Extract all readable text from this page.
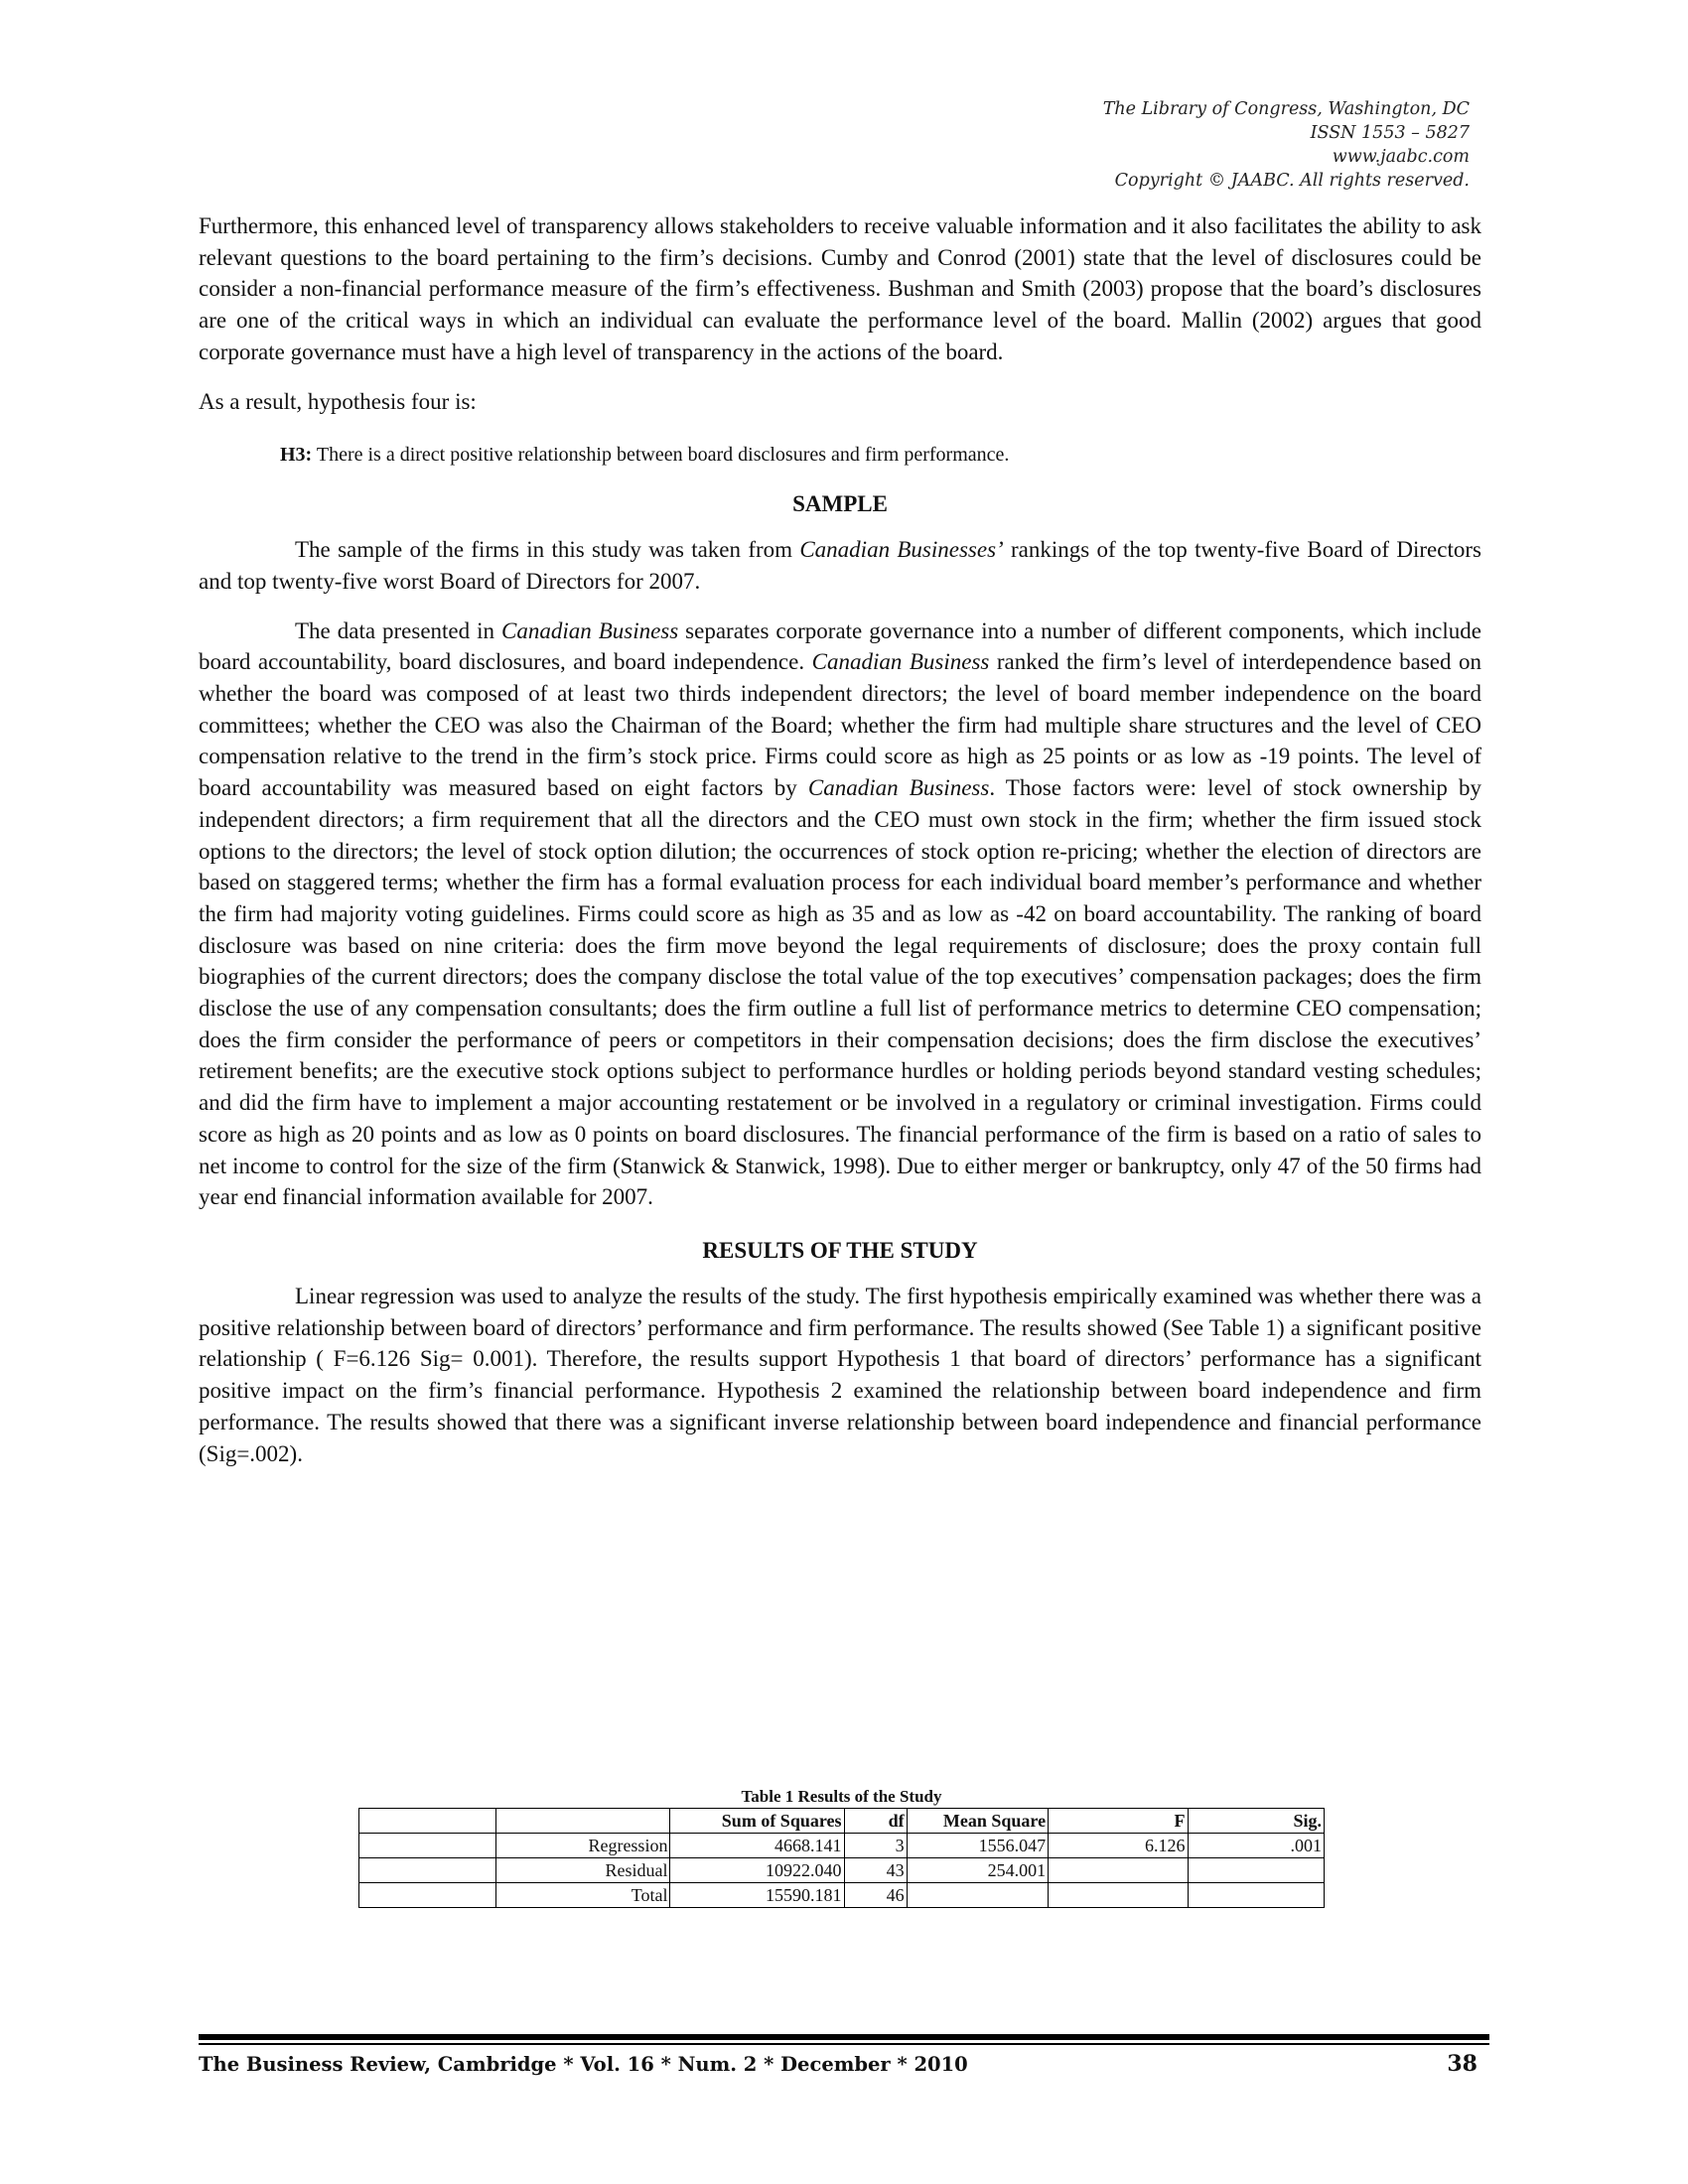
The Library of Congress, Washington, DC
ISSN 1553 – 5827
www.jaabc.com
Copyright © JAABC. All rights reserved.

Furthermore, this enhanced level of transparency allows stakeholders to receive valuable information and it also facilitates the ability to ask relevant questions to the board pertaining to the firm’s decisions. Cumby and Conrod (2001) state that the level of disclosures could be consider a non-financial performance measure of the firm’s effectiveness. Bushman and Smith (2003) propose that the board’s disclosures are one of the critical ways in which an individual can evaluate the performance level of the board. Mallin (2002) argues that good corporate governance must have a high level of transparency in the actions of the board.

As a result, hypothesis four is:

H3: There is a direct positive relationship between board disclosures and firm performance.

SAMPLE

The sample of the firms in this study was taken from Canadian Businesses’ rankings of the top twenty-five Board of Directors and top twenty-five worst Board of Directors for 2007.

The data presented in Canadian Business separates corporate governance into a number of different components, which include board accountability, board disclosures, and board independence. Canadian Business ranked the firm’s level of interdependence based on whether the board was composed of at least two thirds independent directors; the level of board member independence on the board committees; whether the CEO was also the Chairman of the Board; whether the firm had multiple share structures and the level of CEO compensation relative to the trend in the firm’s stock price. Firms could score as high as 25 points or as low as -19 points. The level of board accountability was measured based on eight factors by Canadian Business. Those factors were: level of stock ownership by independent directors; a firm requirement that all the directors and the CEO must own stock in the firm; whether the firm issued stock options to the directors; the level of stock option dilution; the occurrences of stock option re-pricing; whether the election of directors are based on staggered terms; whether the firm has a formal evaluation process for each individual board member’s performance and whether the firm had majority voting guidelines. Firms could score as high as 35 and as low as -42 on board accountability. The ranking of board disclosure was based on nine criteria: does the firm move beyond the legal requirements of disclosure; does the proxy contain full biographies of the current directors; does the company disclose the total value of the top executives’ compensation packages; does the firm disclose the use of any compensation consultants; does the firm outline a full list of performance metrics to determine CEO compensation; does the firm consider the performance of peers or competitors in their compensation decisions; does the firm disclose the executives’ retirement benefits; are the executive stock options subject to performance hurdles or holding periods beyond standard vesting schedules; and did the firm have to implement a major accounting restatement or be involved in a regulatory or criminal investigation. Firms could score as high as 20 points and as low as 0 points on board disclosures. The financial performance of the firm is based on a ratio of sales to net income to control for the size of the firm (Stanwick & Stanwick, 1998). Due to either merger or bankruptcy, only 47 of the 50 firms had year end financial information available for 2007.

RESULTS OF THE STUDY

Linear regression was used to analyze the results of the study. The first hypothesis empirically examined was whether there was a positive relationship between board of directors’ performance and firm performance. The results showed (See Table 1) a significant positive relationship ( F=6.126 Sig= 0.001). Therefore, the results support Hypothesis 1 that board of directors’ performance has a significant positive impact on the firm’s financial performance. Hypothesis 2 examined the relationship between board independence and firm performance. The results showed that there was a significant inverse relationship between board independence and financial performance (Sig=.002).

Table 1 Results of the Study
		Sum of Squares	df	Mean Square	F	Sig.
	Regression	4668.141	3	1556.047	6.126	.001
	Residual	10922.040	43	254.001		
	Total	15590.181	46			
The Business Review, Cambridge * Vol. 16 * Num. 2 * December * 2010	38
